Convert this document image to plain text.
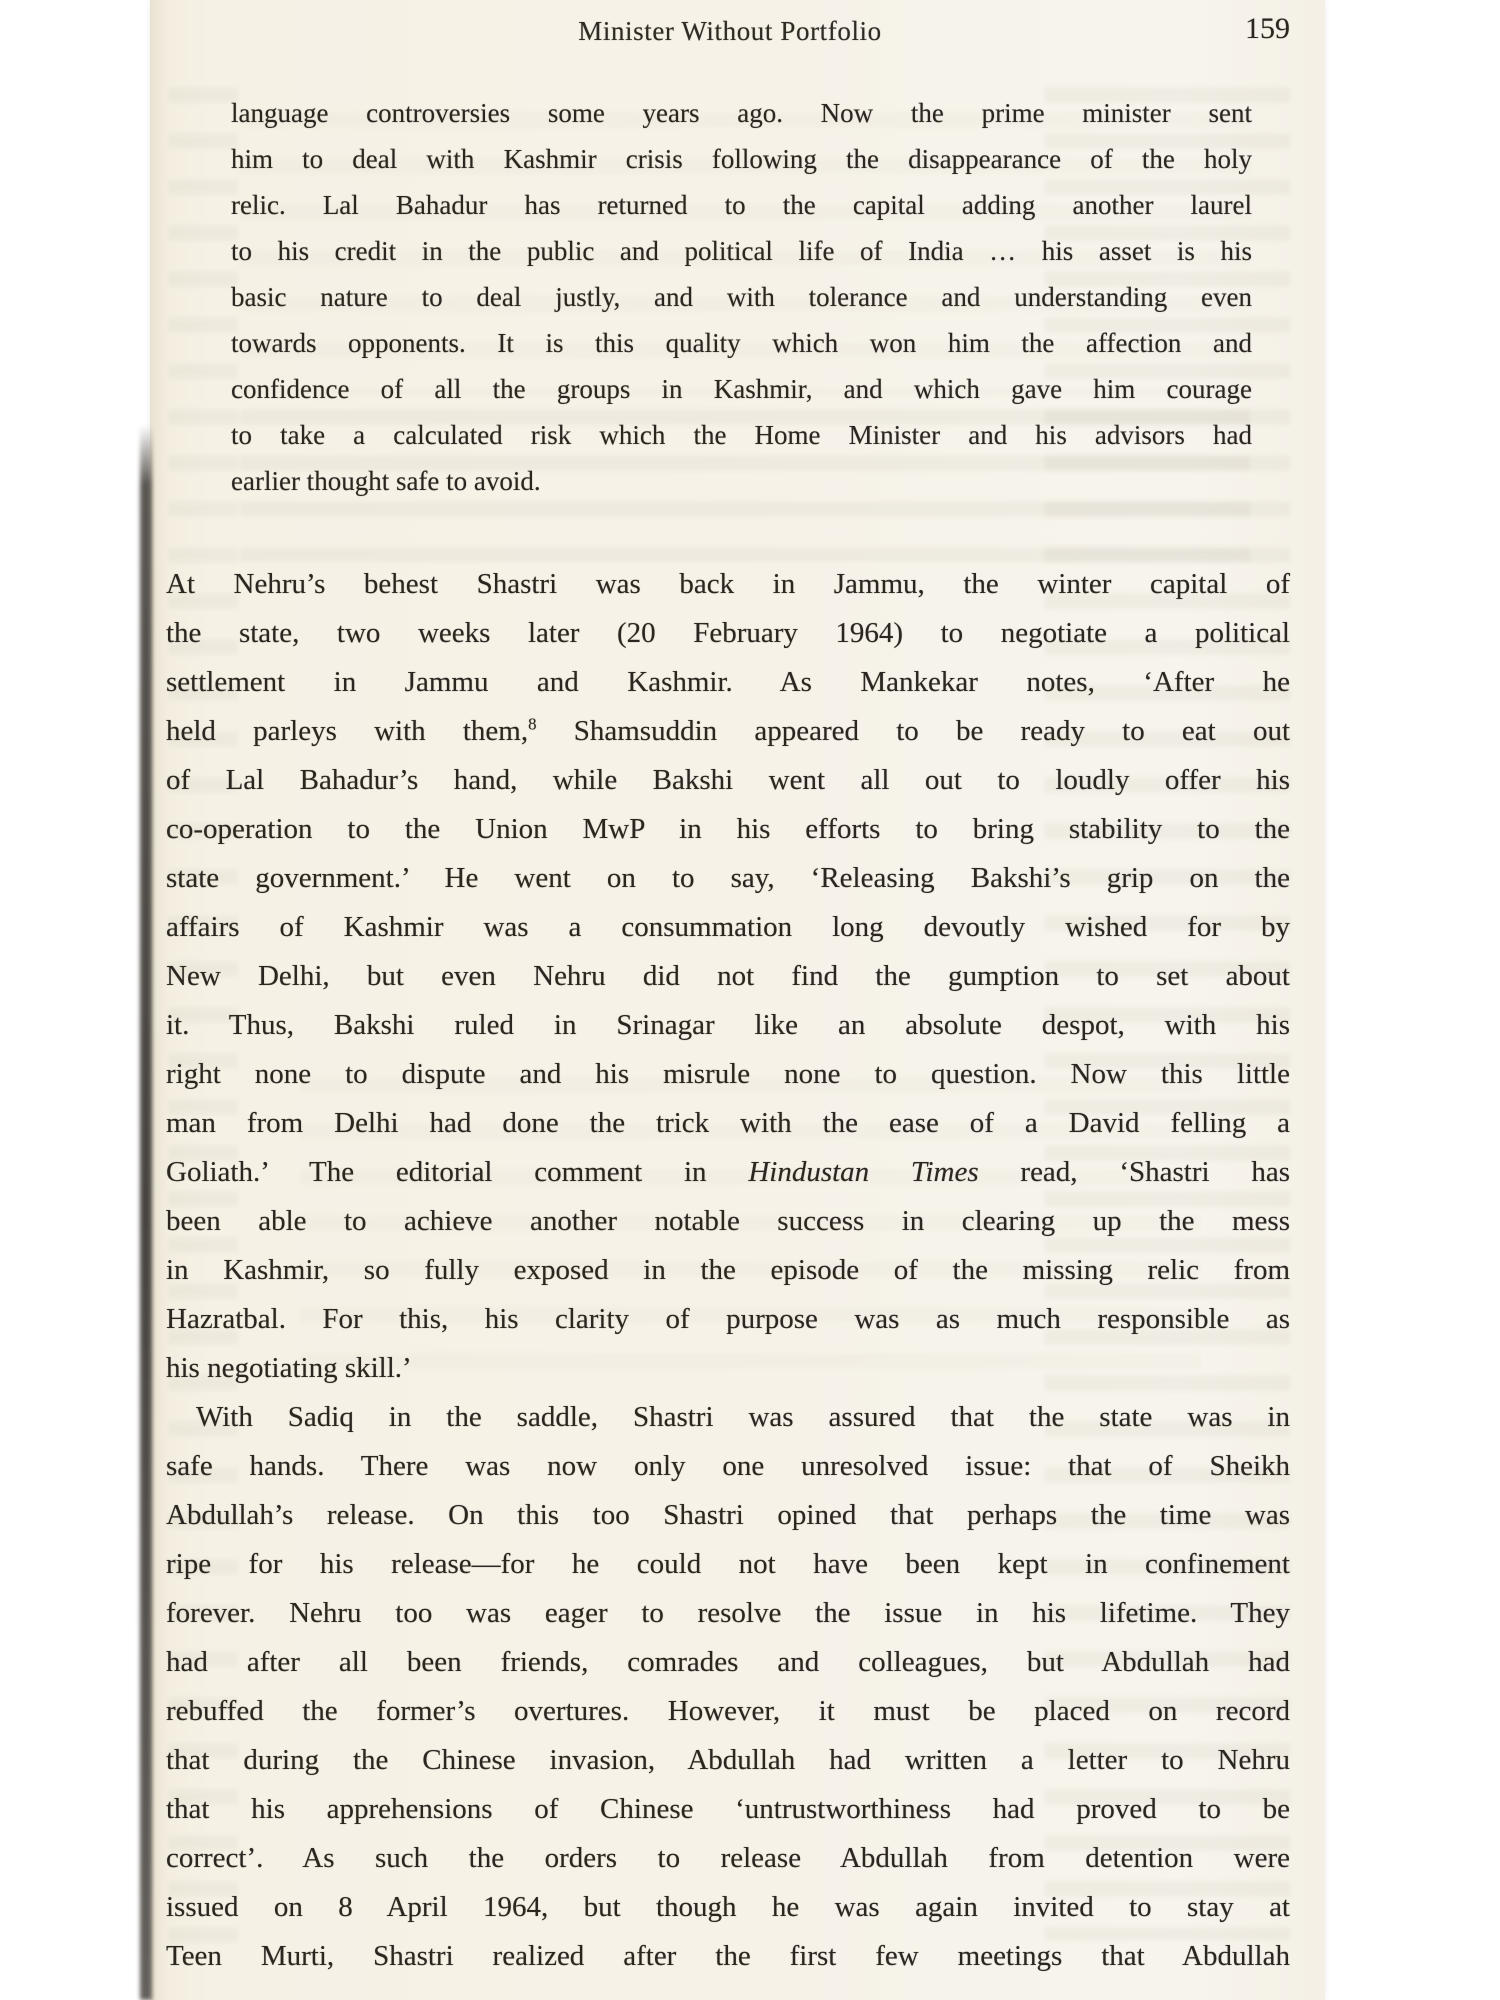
Minister Without Portfolio	159
language controversies some years ago. Now the prime minister sent
him to deal with Kashmir crisis following the disappearance of the holy
relic. Lal Bahadur has returned to the capital adding another laurel
to his credit in the public and political life of India … his asset is his
basic nature to deal justly, and with tolerance and understanding even
towards opponents. It is this quality which won him the affection and
confidence of all the groups in Kashmir, and which gave him courage
to take a calculated risk which the Home Minister and his advisors had
earlier thought safe to avoid.
At Nehru’s behest Shastri was back in Jammu, the winter capital of
the state, two weeks later (20 February 1964) to negotiate a political
settlement in Jammu and Kashmir. As Mankekar notes, ‘After he
held parleys with them,$^8$ Shamsuddin appeared to be ready to eat out
of Lal Bahadur’s hand, while Bakshi went all out to loudly offer his
co-operation to the Union MwP in his efforts to bring stability to the
state government.’ He went on to say, ‘Releasing Bakshi’s grip on the
affairs of Kashmir was a consummation long devoutly wished for by
New Delhi, but even Nehru did not find the gumption to set about
it. Thus, Bakshi ruled in Srinagar like an absolute despot, with his
right none to dispute and his misrule none to question. Now this little
man from Delhi had done the trick with the ease of a David felling a
Goliath.’ The editorial comment in Hindustan Times read, ‘Shastri has
been able to achieve another notable success in clearing up the mess
in Kashmir, so fully exposed in the episode of the missing relic from
Hazratbal. For this, his clarity of purpose was as much responsible as
his negotiating skill.’
With Sadiq in the saddle, Shastri was assured that the state was in
safe hands. There was now only one unresolved issue: that of Sheikh
Abdullah’s release. On this too Shastri opined that perhaps the time was
ripe for his release—for he could not have been kept in confinement
forever. Nehru too was eager to resolve the issue in his lifetime. They
had after all been friends, comrades and colleagues, but Abdullah had
rebuffed the former’s overtures. However, it must be placed on record
that during the Chinese invasion, Abdullah had written a letter to Nehru
that his apprehensions of Chinese ‘untrustworthiness had proved to be
correct’. As such the orders to release Abdullah from detention were
issued on 8 April 1964, but though he was again invited to stay at
Teen Murti, Shastri realized after the first few meetings that Abdullah
